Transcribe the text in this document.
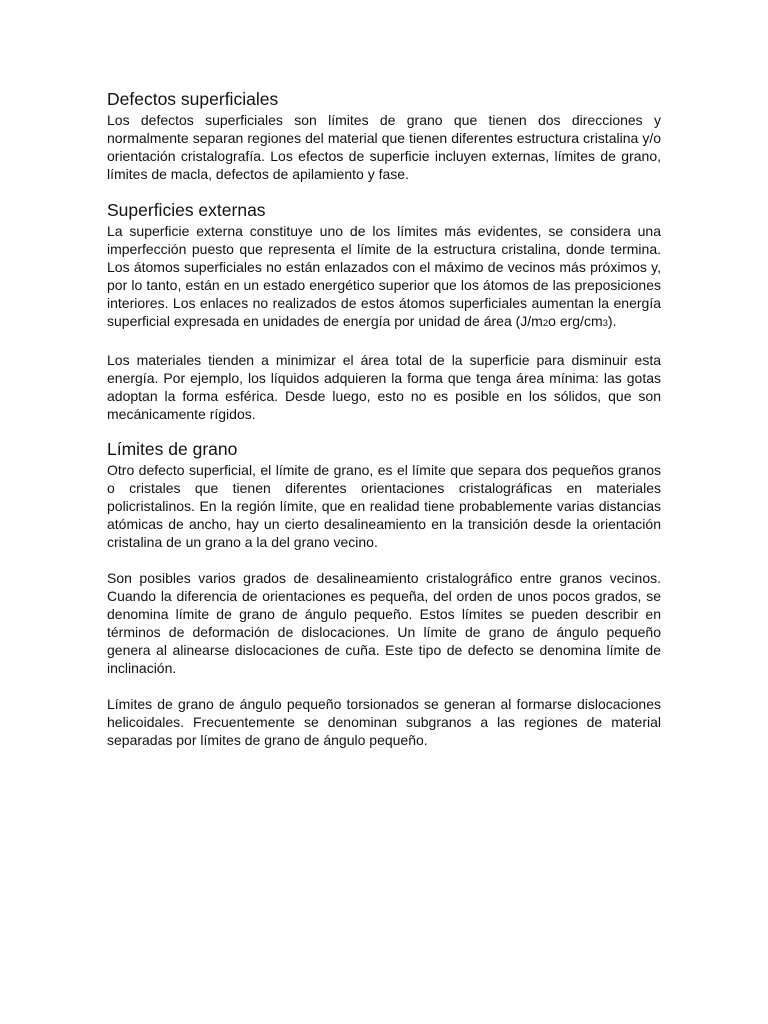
Defectos superficiales

Los defectos superficiales son límites de grano que tienen dos direcciones y normalmente separan regiones del material que tienen diferentes estructura cristalina y/o orientación cristalografía. Los efectos de superficie incluyen externas, límites de grano, límites de macla, defectos de apilamiento y fase.

Superficies externas

La superficie externa constituye uno de los límites más evidentes, se considera una imperfección puesto que representa el límite de la estructura cristalina, donde termina. Los átomos superficiales no están enlazados con el máximo de vecinos más próximos y, por lo tanto, están en un estado energético superior que los átomos de las preposiciones interiores. Los enlaces no realizados de estos átomos superficiales aumentan la energía superficial expresada en unidades de energía por unidad de área (J/m2o erg/cm3).

Los materiales tienden a minimizar el área total de la superficie para disminuir esta energía. Por ejemplo, los líquidos adquieren la forma que tenga área mínima: las gotas adoptan la forma esférica. Desde luego, esto no es posible en los sólidos, que son mecánicamente rígidos.

Límites de grano

Otro defecto superficial, el límite de grano, es el límite que separa dos pequeños granos o cristales que tienen diferentes orientaciones cristalográficas en materiales policristalinos. En la región límite, que en realidad tiene probablemente varias distancias atómicas de ancho, hay un cierto desalineamiento en la transición desde la orientación cristalina de un grano a la del grano vecino.

Son posibles varios grados de desalineamiento cristalográfico entre granos vecinos. Cuando la diferencia de orientaciones es pequeña, del orden de unos pocos grados, se denomina límite de grano de ángulo pequeño. Estos límites se pueden describir en términos de deformación de dislocaciones. Un límite de grano de ángulo pequeño genera al alinearse dislocaciones de cuña. Este tipo de defecto se denomina límite de inclinación.

Límites de grano de ángulo pequeño torsionados se generan al formarse dislocaciones helicoidales. Frecuentemente se denominan subgranos a las regiones de material separadas por límites de grano de ángulo pequeño.
